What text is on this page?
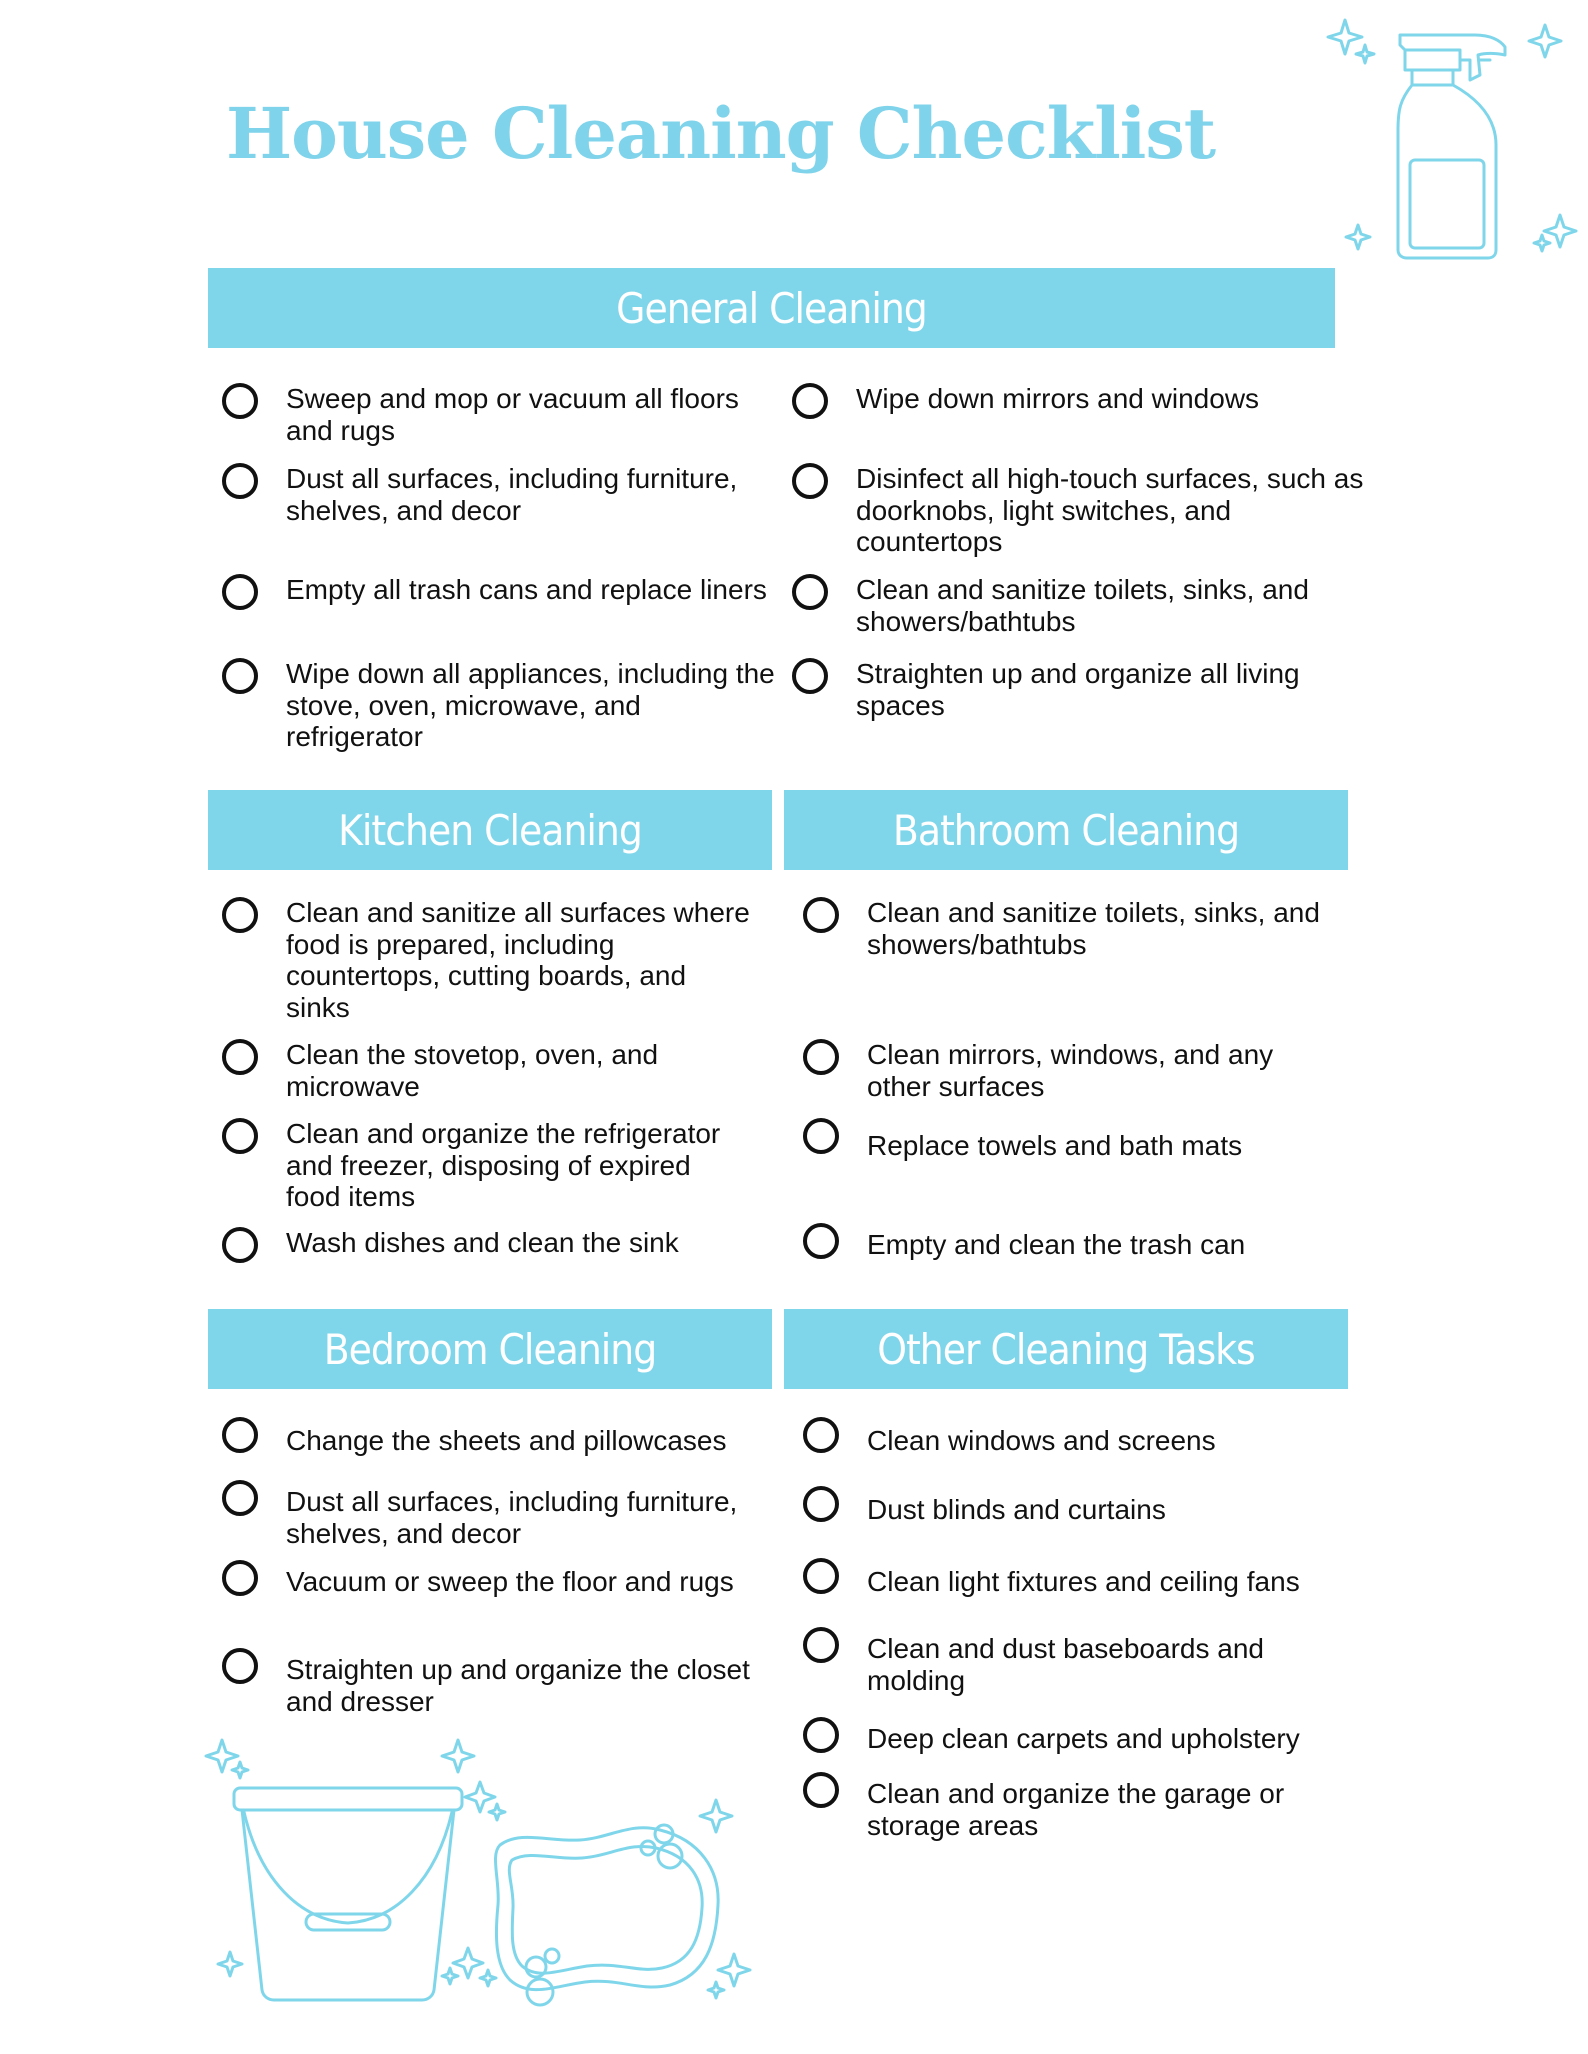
House Cleaning Checklist
General Cleaning
Sweep and mop or vacuum all floors and rugs
Dust all surfaces, including furniture, shelves, and decor
Empty all trash cans and replace liners
Wipe down all appliances, including the stove, oven, microwave, and refrigerator
Wipe down mirrors and windows
Disinfect all high-touch surfaces, such as doorknobs, light switches, and countertops
Clean and sanitize toilets, sinks, and showers/bathtubs
Straighten up and organize all living spaces
Kitchen Cleaning
Clean and sanitize all surfaces where food is prepared, including countertops, cutting boards, and sinks
Clean the stovetop, oven, and microwave
Clean and organize the refrigerator and freezer, disposing of expired food items
Wash dishes and clean the sink
Bathroom Cleaning
Clean and sanitize toilets, sinks, and showers/bathtubs
Clean mirrors, windows, and any other surfaces
Replace towels and bath mats
Empty and clean the trash can
Bedroom Cleaning
Change the sheets and pillowcases
Dust all surfaces, including furniture, shelves, and decor
Vacuum or sweep the floor and rugs
Straighten up and organize the closet and dresser
Other Cleaning Tasks
Clean windows and screens
Dust blinds and curtains
Clean light fixtures and ceiling fans
Clean and dust baseboards and molding
Deep clean carpets and upholstery
Clean and organize the garage or storage areas
